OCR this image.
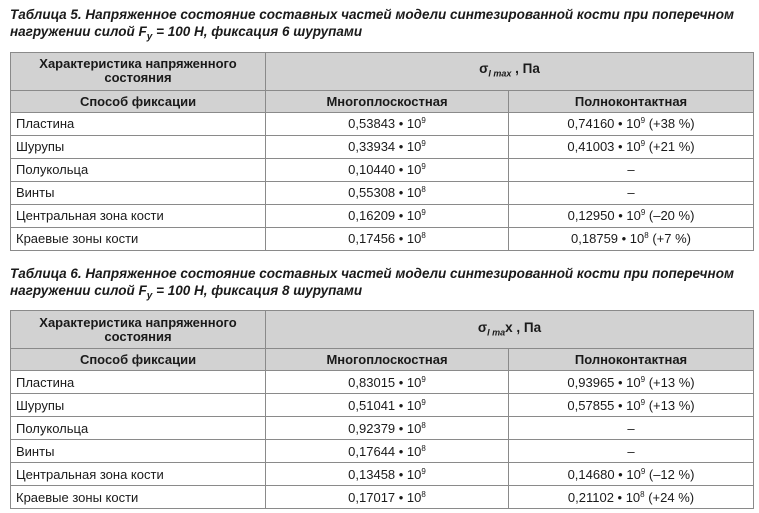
Таблица 5. Напряженное состояние составных частей модели синтезированной кости при поперечном нагружении силой $F_y = 100$ Н, фиксация 6 шурупами
Характеристика напряженного состояния	$\sigma_{l max}$ , Па	
Способ фиксации	Многоплоскостная	Полноконтактная
Пластина	0,53843 • $10^9$	0,74160 • $10^9$ (+38 %)
Шурупы	0,33934 • $10^9$	0,41003 • $10^9$ (+21 %)
Полукольца	0,10440 • $10^9$	–
Винты	0,55308 • $10^8$	–
Центральная зона кости	0,16209 • $10^9$	0,12950 • $10^9$ (–20 %)
Краевые зоны кости	0,17456 • $10^8$	0,18759 • $10^8$ (+7 %)
Таблица 6. Напряженное состояние составных частей модели синтезированной кости при поперечном нагружении силой $F_y = 100$ Н, фиксация 8 шурупами
Характеристика напряженного состояния	$\sigma_{l ma}x$ , Па	
Способ фиксации	Многоплоскостная	Полноконтактная
Пластина	0,83015 • $10^9$	0,93965 • $10^9$ (+13 %)
Шурупы	0,51041 • $10^9$	0,57855 • $10^9$ (+13 %)
Полукольца	0,92379 • $10^8$	–
Винты	0,17644 • $10^8$	–
Центральная зона кости	0,13458 • $10^9$	0,14680 • $10^9$ (–12 %)
Краевые зоны кости	0,17017 • $10^8$	0,21102 • $10^8$ (+24 %)
